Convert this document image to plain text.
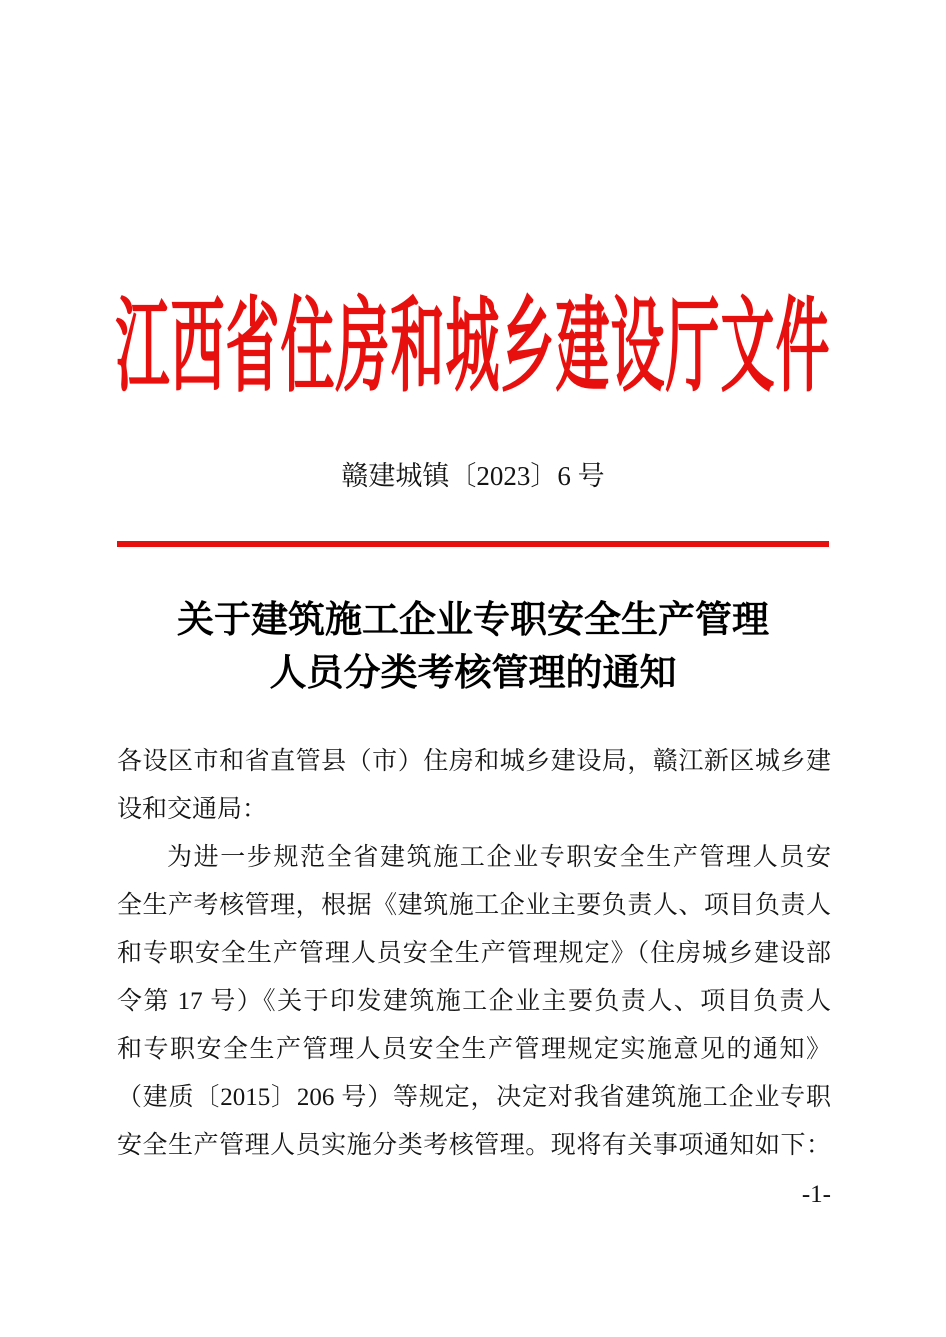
江西省住房和城乡建设厅文件
赣建城镇〔2023〕6 号
关于建筑施工企业专职安全生产管理
人员分类考核管理的通知
各设区市和省直管县（市）住房和城乡建设局，赣江新区城乡建
设和交通局：
为进一步规范全省建筑施工企业专职安全生产管理人员安
全生产考核管理，根据《建筑施工企业主要负责人、项目负责人
和专职安全生产管理人员安全生产管理规定》（住房城乡建设部
令第 17 号）《关于印发建筑施工企业主要负责人、项目负责人
和专职安全生产管理人员安全生产管理规定实施意见的通知》
（建质〔2015〕206 号）等规定，决定对我省建筑施工企业专职
安全生产管理人员实施分类考核管理。现将有关事项通知如下：
-1-
